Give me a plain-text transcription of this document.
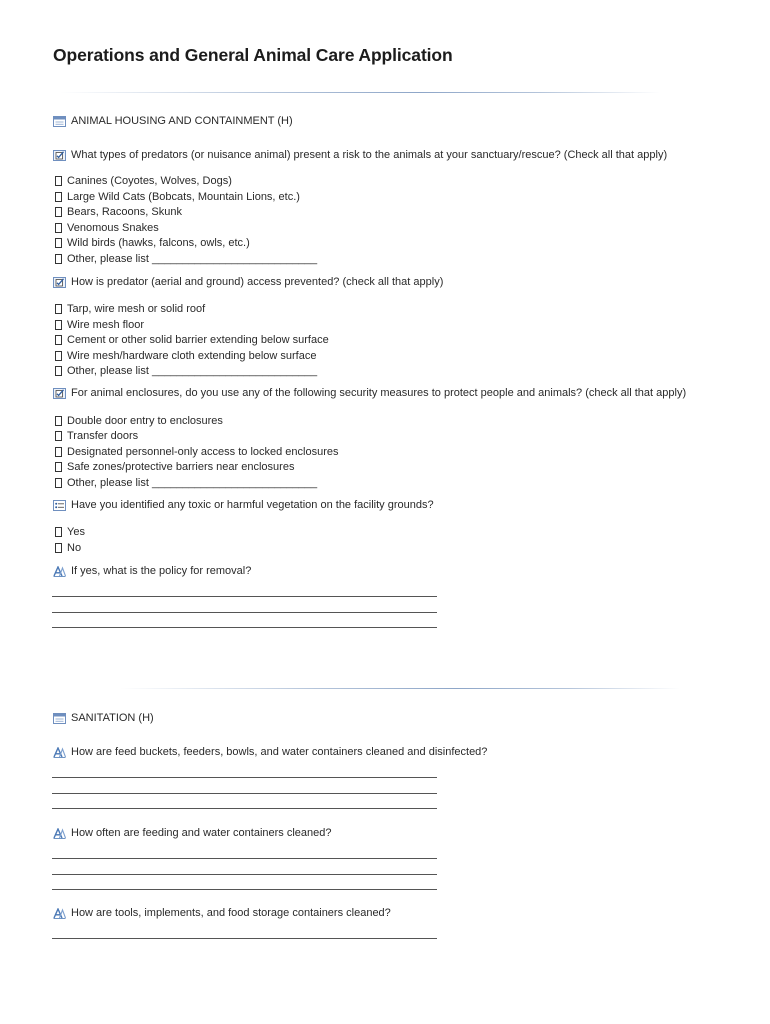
Operations and General Animal Care Application
ANIMAL HOUSING AND CONTAINMENT (H)
What types of predators (or nuisance animal) present a risk to the animals at your sanctuary/rescue? (Check all that apply)
Canines (Coyotes, Wolves, Dogs)
Large Wild Cats (Bobcats, Mountain Lions, etc.)
Bears, Racoons, Skunk
Venomous Snakes
Wild birds (hawks, falcons, owls, etc.)
Other, please list ___________________________
How is predator (aerial and ground) access prevented? (check all that apply)
Tarp, wire mesh or solid roof
Wire mesh floor
Cement or other solid barrier extending below surface
Wire mesh/hardware cloth extending below surface
Other, please list ___________________________
For animal enclosures, do you use any of the following security measures to protect people and animals? (check all that apply)
Double door entry to enclosures
Transfer doors
Designated personnel-only access to locked enclosures
Safe zones/protective barriers near enclosures
Other, please list ___________________________
Have you identified any toxic or harmful vegetation on the facility grounds?
Yes
No
If yes, what is the policy for removal?
SANITATION (H)
How are feed buckets, feeders, bowls, and water containers cleaned and disinfected?
How often are feeding and water containers cleaned?
How are tools, implements, and food storage containers cleaned?
